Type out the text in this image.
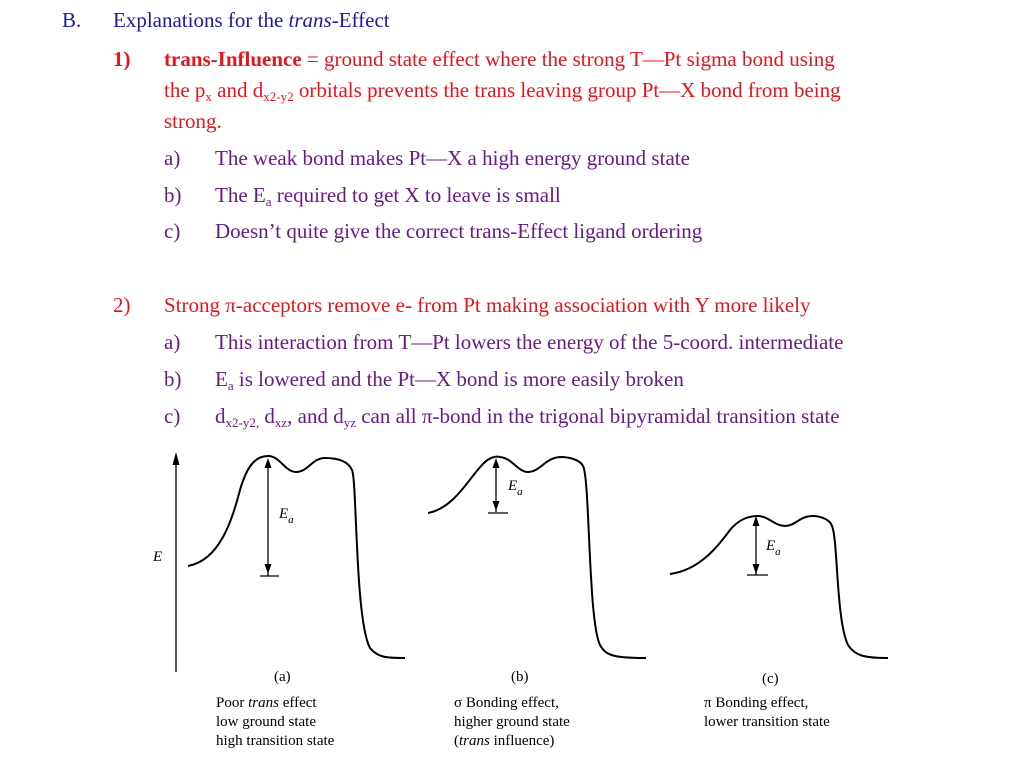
B. Explanations for the trans-Effect
1) trans-Influence = ground state effect where the strong T—Pt sigma bond using
the $p_x$ and $d_{x2-y2}$ orbitals prevents the trans leaving group Pt—X bond from being
strong.
a) The weak bond makes Pt—X a high energy ground state
b) The $E_a$ required to get X to leave is small
c) Doesn’t quite give the correct trans-Effect ligand ordering
2) Strong π-acceptors remove e- from Pt making association with Y more likely
a) This interaction from T—Pt lowers the energy of the 5-coord. intermediate
b) $E_a$ is lowered and the Pt—X bond is more easily broken
c) $d_{x2-y2,}$ $d_{xz}$, and $d_{yz}$ can all π-bond in the trigonal bipyramidal transition state
E
$E_a$
$E_a$
$E_a$
(a)	(b)	(c)
Poor trans effect
low ground state
high transition state
σ Bonding effect,
higher ground state
(trans influence)
π Bonding effect,
lower transition state
